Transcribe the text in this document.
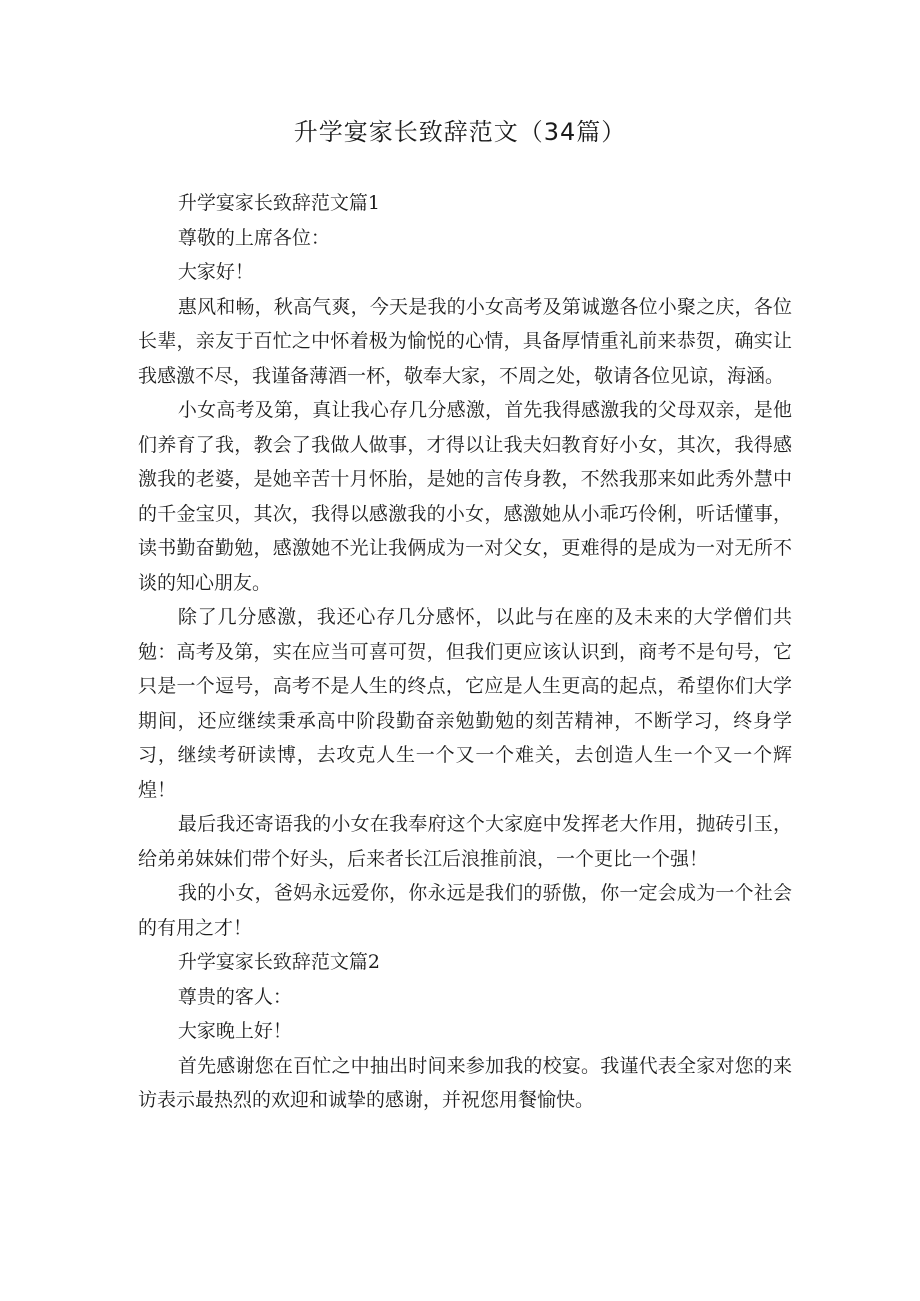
升学宴家长致辞范文（34篇）

升学宴家长致辞范文篇1

尊敬的上席各位：

大家好！

惠风和畅，秋高气爽，今天是我的小女高考及第诚邀各位小聚之庆，各位长辈，亲友于百忙之中怀着极为愉悦的心情，具备厚情重礼前来恭贺，确实让我感激不尽，我谨备薄酒一杯，敬奉大家，不周之处，敬请各位见谅，海涵。

小女高考及第，真让我心存几分感激，首先我得感激我的父母双亲，是他们养育了我，教会了我做人做事，才得以让我夫妇教育好小女，其次，我得感激我的老婆，是她辛苦十月怀胎，是她的言传身教，不然我那来如此秀外慧中的千金宝贝，其次，我得以感激我的小女，感激她从小乖巧伶俐，听话懂事，读书勤奋勤勉，感激她不光让我俩成为一对父女，更难得的是成为一对无所不谈的知心朋友。

除了几分感激，我还心存几分感怀，以此与在座的及未来的大学僧们共勉：高考及第，实在应当可喜可贺，但我们更应该认识到，商考不是句号，它只是一个逗号，高考不是人生的终点，它应是人生更高的起点，希望你们大学期间，还应继续秉承高中阶段勤奋亲勉勤勉的刻苦精神，不断学习，终身学习，继续考研读博，去攻克人生一个又一个难关，去创造人生一个又一个辉煌！

最后我还寄语我的小女在我奉府这个大家庭中发挥老大作用，抛砖引玉，给弟弟妹妹们带个好头，后来者长江后浪推前浪，一个更比一个强！

我的小女，爸妈永远爱你，你永远是我们的骄傲，你一定会成为一个社会的有用之才！

升学宴家长致辞范文篇2

尊贵的客人：

大家晚上好！

首先感谢您在百忙之中抽出时间来参加我的校宴。我谨代表全家对您的来访表示最热烈的欢迎和诚挚的感谢，并祝您用餐愉快。
